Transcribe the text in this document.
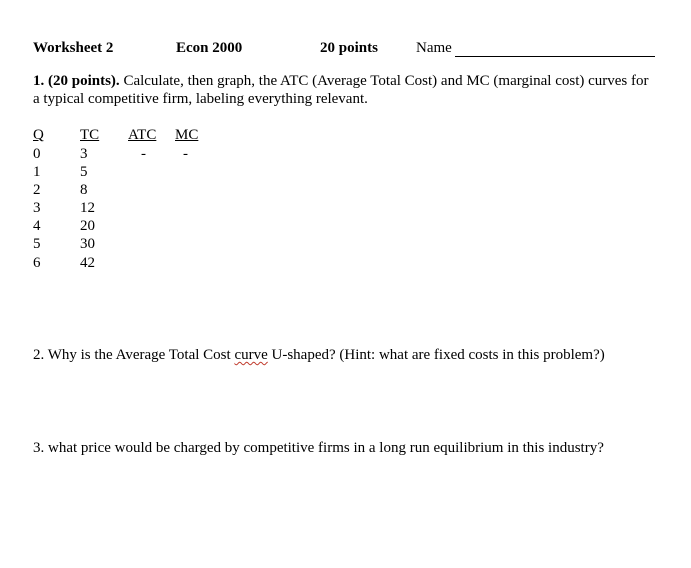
Worksheet 2	Econ 2000	20 points	Name
1. (20 points). Calculate, then graph, the ATC (Average Total Cost) and MC (marginal cost) curves for a typical competitive firm, labeling everything relevant.
Q TC ATC MC
0	3	- -
1	5
2	8
3	12
4	20
5	30
6	42
2. Why is the Average Total Cost curve U-shaped? (Hint: what are fixed costs in this problem?)
3. what price would be charged by competitive firms in a long run equilibrium in this industry?
